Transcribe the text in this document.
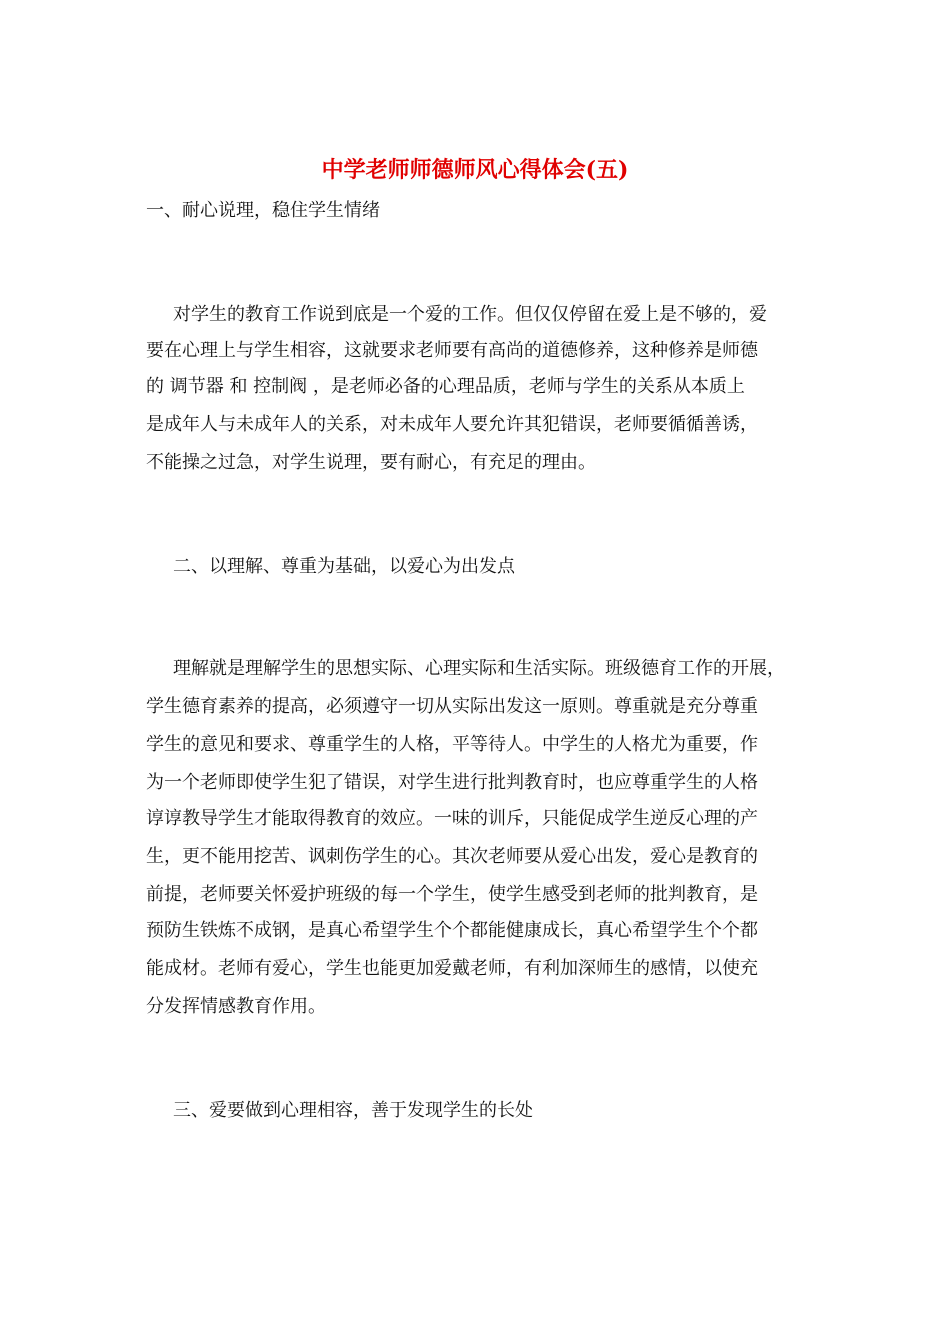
中学老师师德师风心得体会(五)
一、耐心说理，稳住学生情绪
对学生的教育工作说到底是一个爱的工作。但仅仅停留在爱上是不够的，爱
要在心理上与学生相容，这就要求老师要有高尚的道德修养，这种修养是师德
的 调节器 和 控制阀 ，是老师必备的心理品质，老师与学生的关系从本质上
是成年人与未成年人的关系，对未成年人要允许其犯错误，老师要循循善诱，
不能操之过急，对学生说理，要有耐心，有充足的理由。
二、以理解、尊重为基础，以爱心为出发点
理解就是理解学生的思想实际、心理实际和生活实际。班级德育工作的开展，
学生德育素养的提高，必须遵守一切从实际出发这一原则。尊重就是充分尊重
学生的意见和要求、尊重学生的人格，平等待人。中学生的人格尤为重要，作
为一个老师即使学生犯了错误，对学生进行批判教育时，也应尊重学生的人格
谆谆教导学生才能取得教育的效应。一味的训斥，只能促成学生逆反心理的产
生，更不能用挖苦、讽刺伤学生的心。其次老师要从爱心出发，爱心是教育的
前提，老师要关怀爱护班级的每一个学生，使学生感受到老师的批判教育，是
预防生铁炼不成钢，是真心希望学生个个都能健康成长，真心希望学生个个都
能成材。老师有爱心，学生也能更加爱戴老师，有利加深师生的感情，以使充
分发挥情感教育作用。
三、爱要做到心理相容，善于发现学生的长处
